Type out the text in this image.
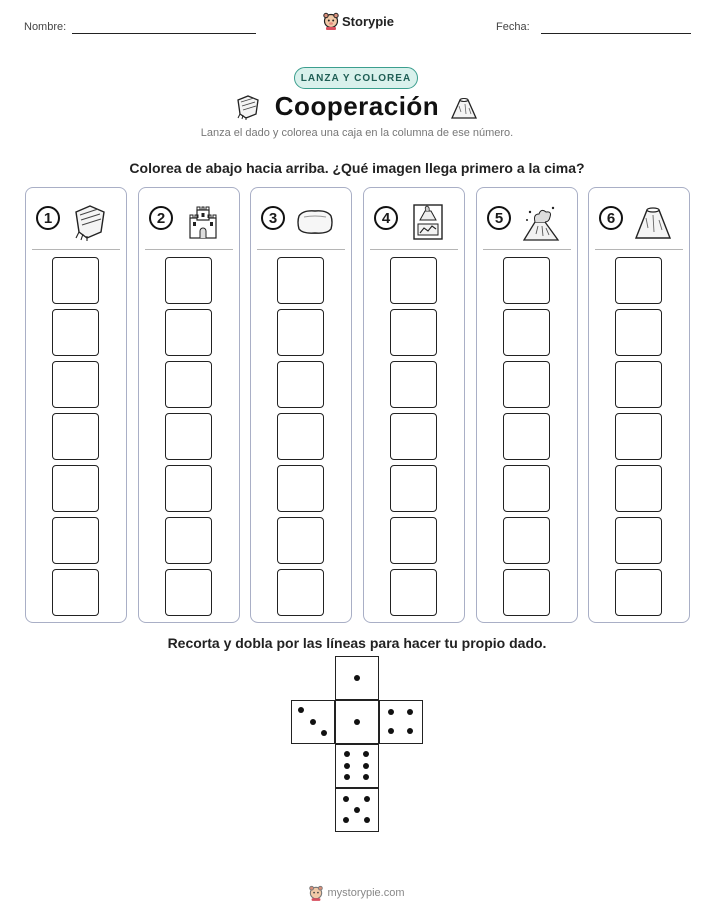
Nombre:	Storypie	Fecha:
LANZA Y COLOREA
Cooperación
Lanza el dado y colorea una caja en la columna de ese número.
Colorea de abajo hacia arriba. ¿Qué imagen llega primero a la cima?
1	2	3	4	5	6
Recorta y dobla por las líneas para hacer tu propio dado.
mystorypie.com
